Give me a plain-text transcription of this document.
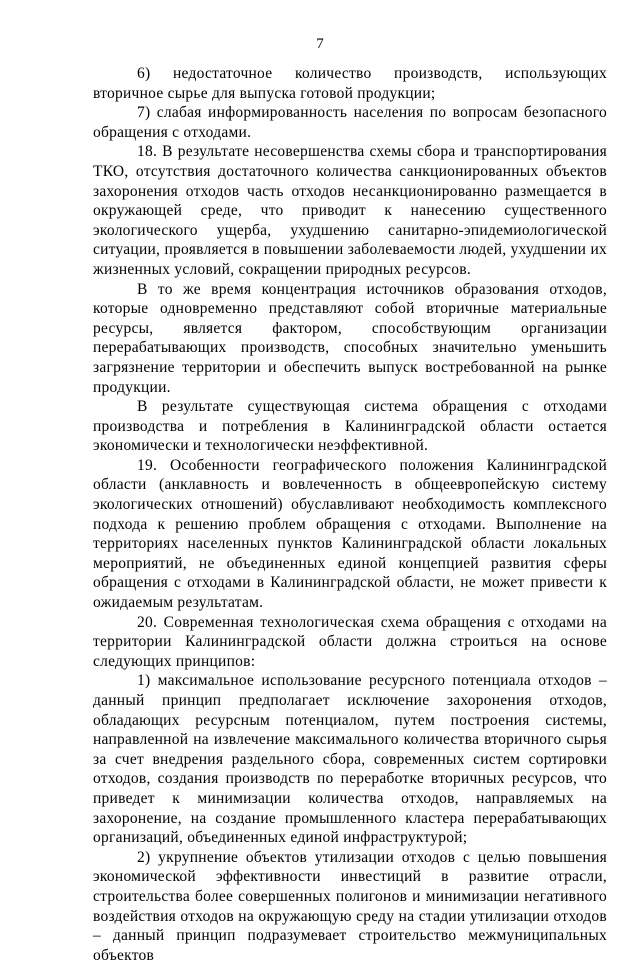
7

6) недостаточное количество производств, использующих вторичное сырье для выпуска готовой продукции;

7) слабая информированность населения по вопросам безопасного обращения с отходами.

18. В результате несовершенства схемы сбора и транспортирования ТКО, отсутствия достаточного количества санкционированных объектов захоронения отходов часть отходов несанкционированно размещается в окружающей среде, что приводит к нанесению существенного экологического ущерба, ухудшению санитарно-эпидемиологической ситуации, проявляется в повышении заболеваемости людей, ухудшении их жизненных условий, сокращении природных ресурсов.

В то же время концентрация источников образования отходов, которые одновременно представляют собой вторичные материальные ресурсы, является фактором, способствующим организации перерабатывающих производств, способных значительно уменьшить загрязнение территории и обеспечить выпуск востребованной на рынке продукции.

В результате существующая система обращения с отходами производства и потребления в Калининградской области остается экономически и технологически неэффективной.

19. Особенности географического положения Калининградской области (анклавность и вовлеченность в общеевропейскую систему экологических отношений) обуславливают необходимость комплексного подхода к решению проблем обращения с отходами. Выполнение на территориях населенных пунктов Калининградской области локальных мероприятий, не объединенных единой концепцией развития сферы обращения с отходами в Калининградской области, не может привести к ожидаемым результатам.

20. Современная технологическая схема обращения с отходами на территории Калининградской области должна строиться на основе следующих принципов:

1) максимальное использование ресурсного потенциала отходов – данный принцип предполагает исключение захоронения отходов, обладающих ресурсным потенциалом, путем построения системы, направленной на извлечение максимального количества вторичного сырья за счет внедрения раздельного сбора, современных систем сортировки отходов, создания производств по переработке вторичных ресурсов, что приведет к минимизации количества отходов, направляемых на захоронение, на создание промышленного кластера перерабатывающих организаций, объединенных единой инфраструктурой;

2) укрупнение объектов утилизации отходов с целью повышения экономической эффективности инвестиций в развитие отрасли, строительства более совершенных полигонов и минимизации негативного воздействия отходов на окружающую среду на стадии утилизации отходов – данный принцип подразумевает строительство межмуниципальных объектов
